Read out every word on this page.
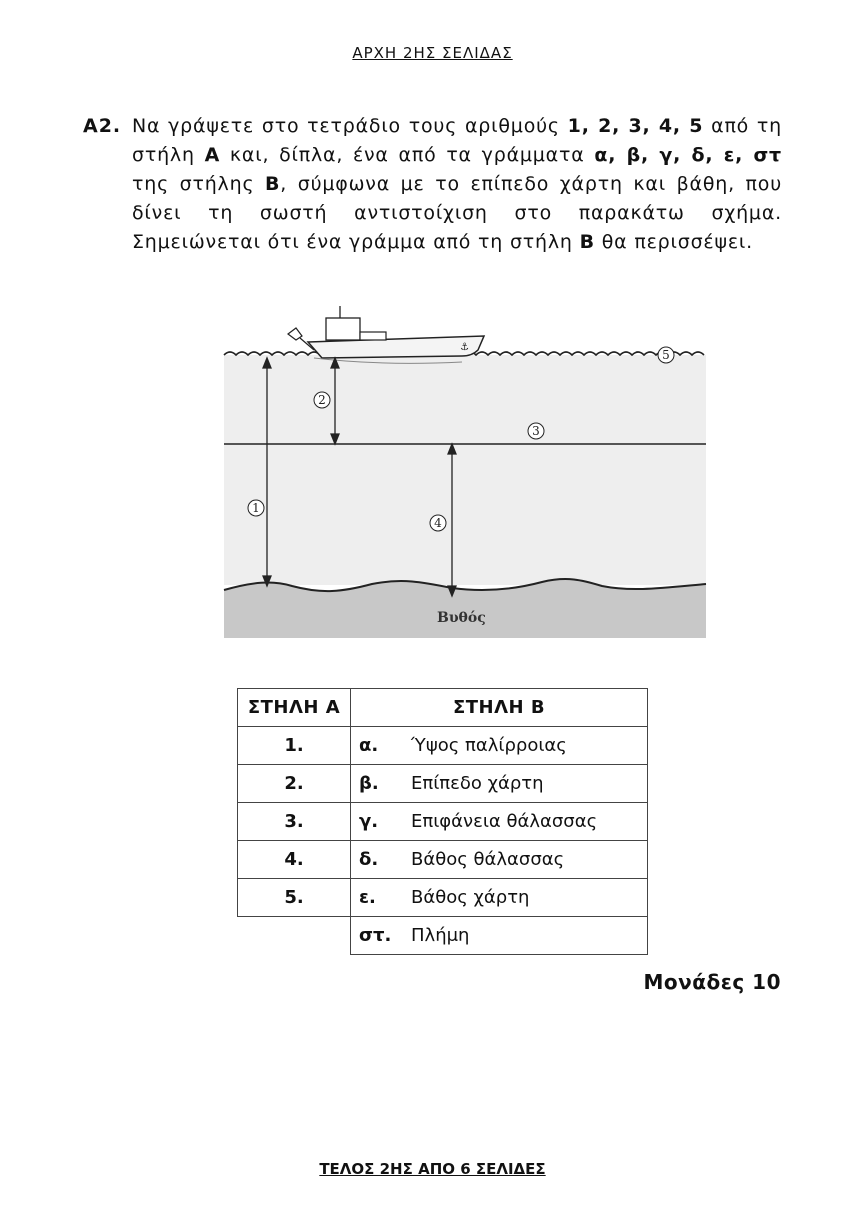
ΑΡΧΗ 2ΗΣ ΣΕΛΙΔΑΣ
Α2. Να γράψετε στο τετράδιο τους αριθμούς 1, 2, 3, 4, 5 από τη στήλη Α και, δίπλα, ένα από τα γράμματα α, β, γ, δ, ε, στ της στήλης Β, σύμφωνα με το επίπεδο χάρτη και βάθη, που δίνει τη σωστή αντιστοίχιση στο παρακάτω σχήμα. Σημειώνεται ότι ένα γράμμα από τη στήλη Β θα περισσέψει.
⚓
1
2
3
4
5
Βυθός
ΣΤΗΛΗ Α	ΣΤΗΛΗ Β
1.	α. Ύψος παλίρροιας
2.	β. Επίπεδο χάρτη
3.	γ. Επιφάνεια θάλασσας
4.	δ. Βάθος θάλασσας
5.	ε. Βάθος χάρτη
	στ. Πλήμη
Μονάδες 10
ΤΕΛΟΣ 2ΗΣ ΑΠΟ 6 ΣΕΛΙΔΕΣ
